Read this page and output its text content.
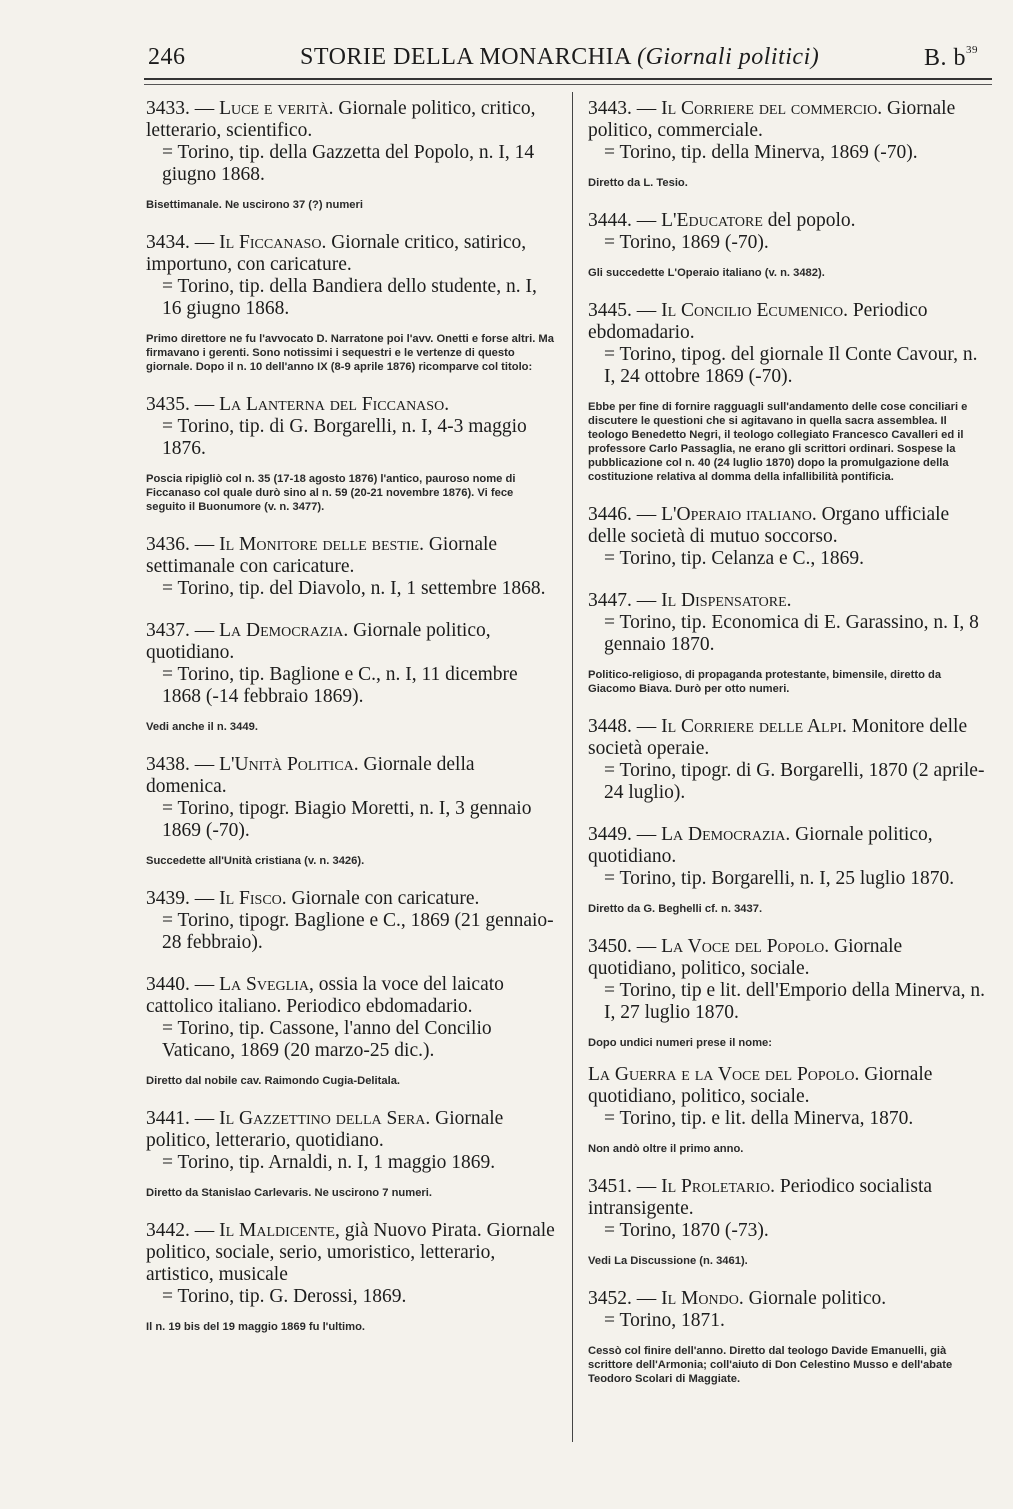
246	STORIE DELLA MONARCHIA (Giornali politici)	B. $b^{39}$

3433. — Luce e verità. Giornale politico, critico, letterario, scientifico.

= Torino, tip. della Gazzetta del Popolo, n. I, 14 giugno 1868.

Bisettimanale. Ne uscirono 37 (?) numeri

3434. — Il Ficcanaso. Giornale critico, satirico, importuno, con caricature.

= Torino, tip. della Bandiera dello studente, n. I, 16 giugno 1868.

Primo direttore ne fu l'avvocato D. Narratone poi l'avv. Onetti e forse altri. Ma firmavano i gerenti. Sono notissimi i sequestri e le vertenze di questo giornale. Dopo il n. 10 dell'anno IX (8-9 aprile 1876) ricomparve col titolo:

3435. — La Lanterna del Ficcanaso.

= Torino, tip. di G. Borgarelli, n. I, 4-3 maggio 1876.

Poscia ripigliò col n. 35 (17-18 agosto 1876) l'antico, pauroso nome di Ficcanaso col quale durò sino al n. 59 (20-21 novembre 1876). Vi fece seguito il Buonumore (v. n. 3477).

3436. — Il Monitore delle bestie. Giornale settimanale con caricature.

= Torino, tip. del Diavolo, n. I, 1 settembre 1868.

3437. — La Democrazia. Giornale politico, quotidiano.

= Torino, tip. Baglione e C., n. I, 11 dicembre 1868 (-14 febbraio 1869).

Vedi anche il n. 3449.

3438. — L'Unità Politica. Giornale della domenica.

= Torino, tipogr. Biagio Moretti, n. I, 3 gennaio 1869 (-70).

Succedette all'Unità cristiana (v. n. 3426).

3439. — Il Fisco. Giornale con caricature.

= Torino, tipogr. Baglione e C., 1869 (21 gennaio-28 febbraio).

3440. — La Sveglia, ossia la voce del laicato cattolico italiano. Periodico ebdomadario.

= Torino, tip. Cassone, l'anno del Concilio Vaticano, 1869 (20 marzo-25 dic.).

Diretto dal nobile cav. Raimondo Cugia-Delitala.

3441. — Il Gazzettino della Sera. Giornale politico, letterario, quotidiano.

= Torino, tip. Arnaldi, n. I, 1 maggio 1869.

Diretto da Stanislao Carlevaris. Ne uscirono 7 numeri.

3442. — Il Maldicente, già Nuovo Pirata. Giornale politico, sociale, serio, umoristico, letterario, artistico, musicale

= Torino, tip. G. Derossi, 1869.

Il n. 19 bis del 19 maggio 1869 fu l'ultimo.

3443. — Il Corriere del commercio. Giornale politico, commerciale.

= Torino, tip. della Minerva, 1869 (-70).

Diretto da L. Tesio.

3444. — L'Educatore del popolo.

= Torino, 1869 (-70).

Gli succedette L'Operaio italiano (v. n. 3482).

3445. — Il Concilio Ecumenico. Periodico ebdomadario.

= Torino, tipog. del giornale Il Conte Cavour, n. I, 24 ottobre 1869 (-70).

Ebbe per fine di fornire ragguagli sull'andamento delle cose conciliari e discutere le questioni che si agitavano in quella sacra assemblea. Il teologo Benedetto Negri, il teologo collegiato Francesco Cavalleri ed il professore Carlo Passaglia, ne erano gli scrittori ordinari. Sospese la pubblicazione col n. 40 (24 luglio 1870) dopo la promulgazione della costituzione relativa al domma della infallibilità pontificia.

3446. — L'Operaio italiano. Organo ufficiale delle società di mutuo soccorso.

= Torino, tip. Celanza e C., 1869.

3447. — Il Dispensatore.

= Torino, tip. Economica di E. Garassino, n. I, 8 gennaio 1870.

Politico-religioso, di propaganda protestante, bimensile, diretto da Giacomo Biava. Durò per otto numeri.

3448. — Il Corriere delle Alpi. Monitore delle società operaie.

= Torino, tipogr. di G. Borgarelli, 1870 (2 aprile-24 luglio).

3449. — La Democrazia. Giornale politico, quotidiano.

= Torino, tip. Borgarelli, n. I, 25 luglio 1870.

Diretto da G. Beghelli cf. n. 3437.

3450. — La Voce del Popolo. Giornale quotidiano, politico, sociale.

= Torino, tip e lit. dell'Emporio della Minerva, n. I, 27 luglio 1870.

Dopo undici numeri prese il nome:

La Guerra e la Voce del Popolo. Giornale quotidiano, politico, sociale.

= Torino, tip. e lit. della Minerva, 1870.

Non andò oltre il primo anno.

3451. — Il Proletario. Periodico socialista intransigente.

= Torino, 1870 (-73).

Vedi La Discussione (n. 3461).

3452. — Il Mondo. Giornale politico.

= Torino, 1871.

Cessò col finire dell'anno. Diretto dal teologo Davide Emanuelli, già scrittore dell'Armonia; coll'aiuto di Don Celestino Musso e dell'abate Teodoro Scolari di Maggiate.
